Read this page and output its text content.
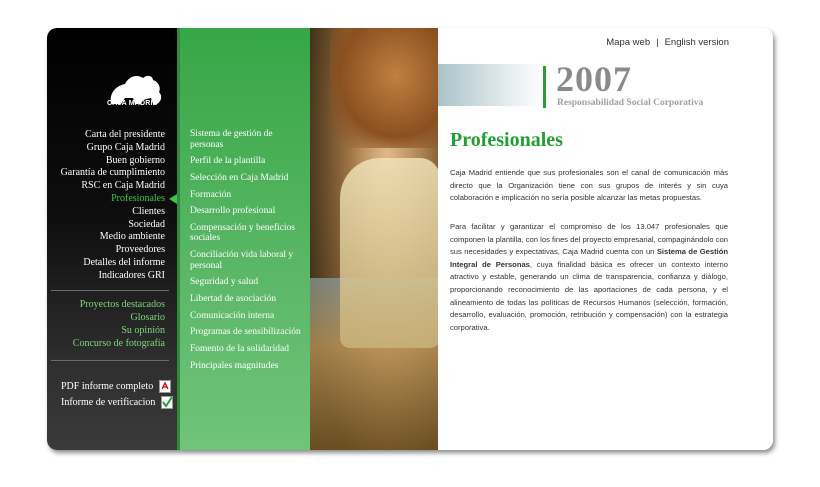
CAJA MADRID
Carta del presidente
Grupo Caja Madrid
Buen gobierno
Garantía de cumplimiento
RSC en Caja Madrid
Profesionales
Clientes
Sociedad
Medio ambiente
Proveedores
Detalles del informe
Indicadores GRI
Proyectos destacados
Glosario
Su opinión
Concurso de fotografía
PDF informe completo
Informe de verificacion
Sistema de gestión de personas
Perfil de la plantilla
Selección en Caja Madrid
Formación
Desarrollo profesional
Compensación y beneficios sociales
Conciliación vida laboral y personal
Seguridad y salud
Libertad de asociación
Comunicación interna
Programas de sensibilización
Fomento de la solidaridad
Principales magnitudes
Mapa web | English version
2007
Responsabilidad Social Corporativa
Profesionales

Caja Madrid entiende que sus profesionales son el canal de comunicación más directo que la Organización tiene con sus grupos de interés y sin cuya colaboración e implicación no sería posible alcanzar las metas propuestas.

Para facilitar y garantizar el compromiso de los 13.047 profesionales que componen la plantilla, con los fines del proyecto empresarial, compaginándolo con sus necesidades y expectativas, Caja Madrid cuenta con un Sistema de Gestión Integral de Personas, cuya finalidad básica es ofrecer un contexto interno atractivo y estable, generando un clima de transparencia, confianza y diálogo, proporcionando reconocimiento de las aportaciones de cada persona, y el alineamiento de todas las políticas de Recursos Humanos (selección, formación, desarrollo, evaluación, promoción, retribución y compensación) con la estrategia corporativa.
